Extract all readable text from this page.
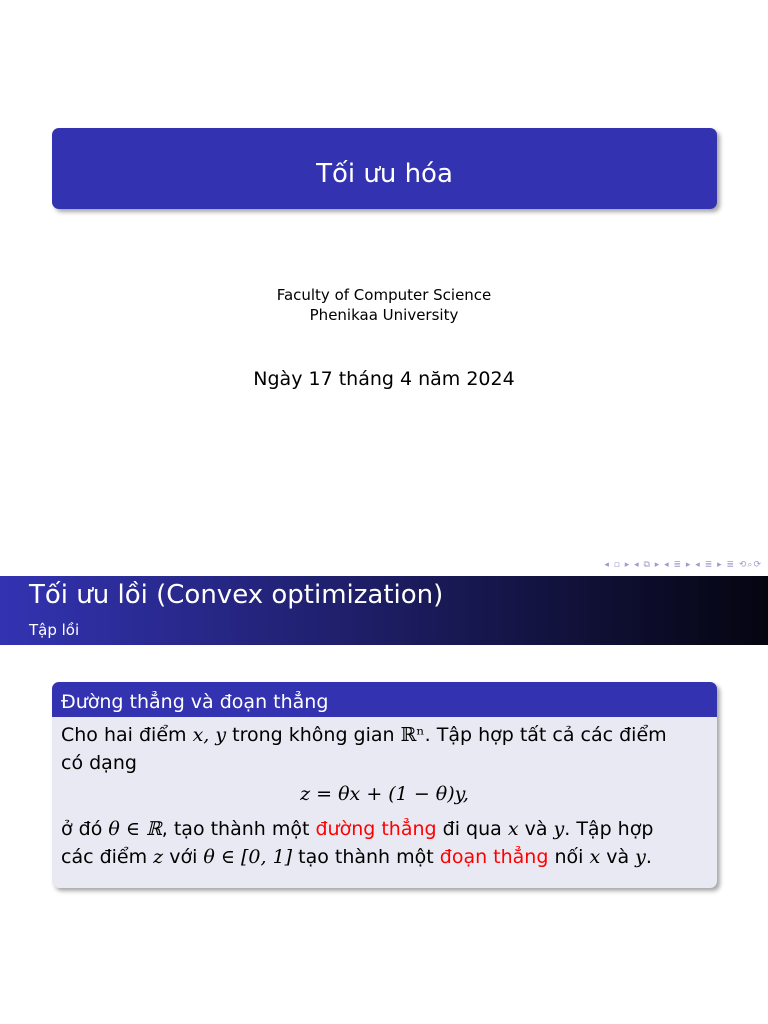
Tối ưu hóa
Faculty of Computer Science
Phenikaa University
Ngày 17 tháng 4 năm 2024
◂ ▫ ▸ ◂ ⧉ ▸ ◂ ≣ ▸ ◂ ≣ ▸ ≣ ⟲⌕⟳
Tối ưu lồi (Convex optimization)
Tập lồi
Đường thẳng và đoạn thẳng
Cho hai điểm x, y trong không gian ℝⁿ. Tập hợp tất cả các điểm
có dạng
z = θx + (1 − θ)y,
ở đó θ ∈ ℝ, tạo thành một đường thẳng đi qua x và y. Tập hợp
các điểm z với θ ∈ [0, 1] tạo thành một đoạn thẳng nối x và y.
